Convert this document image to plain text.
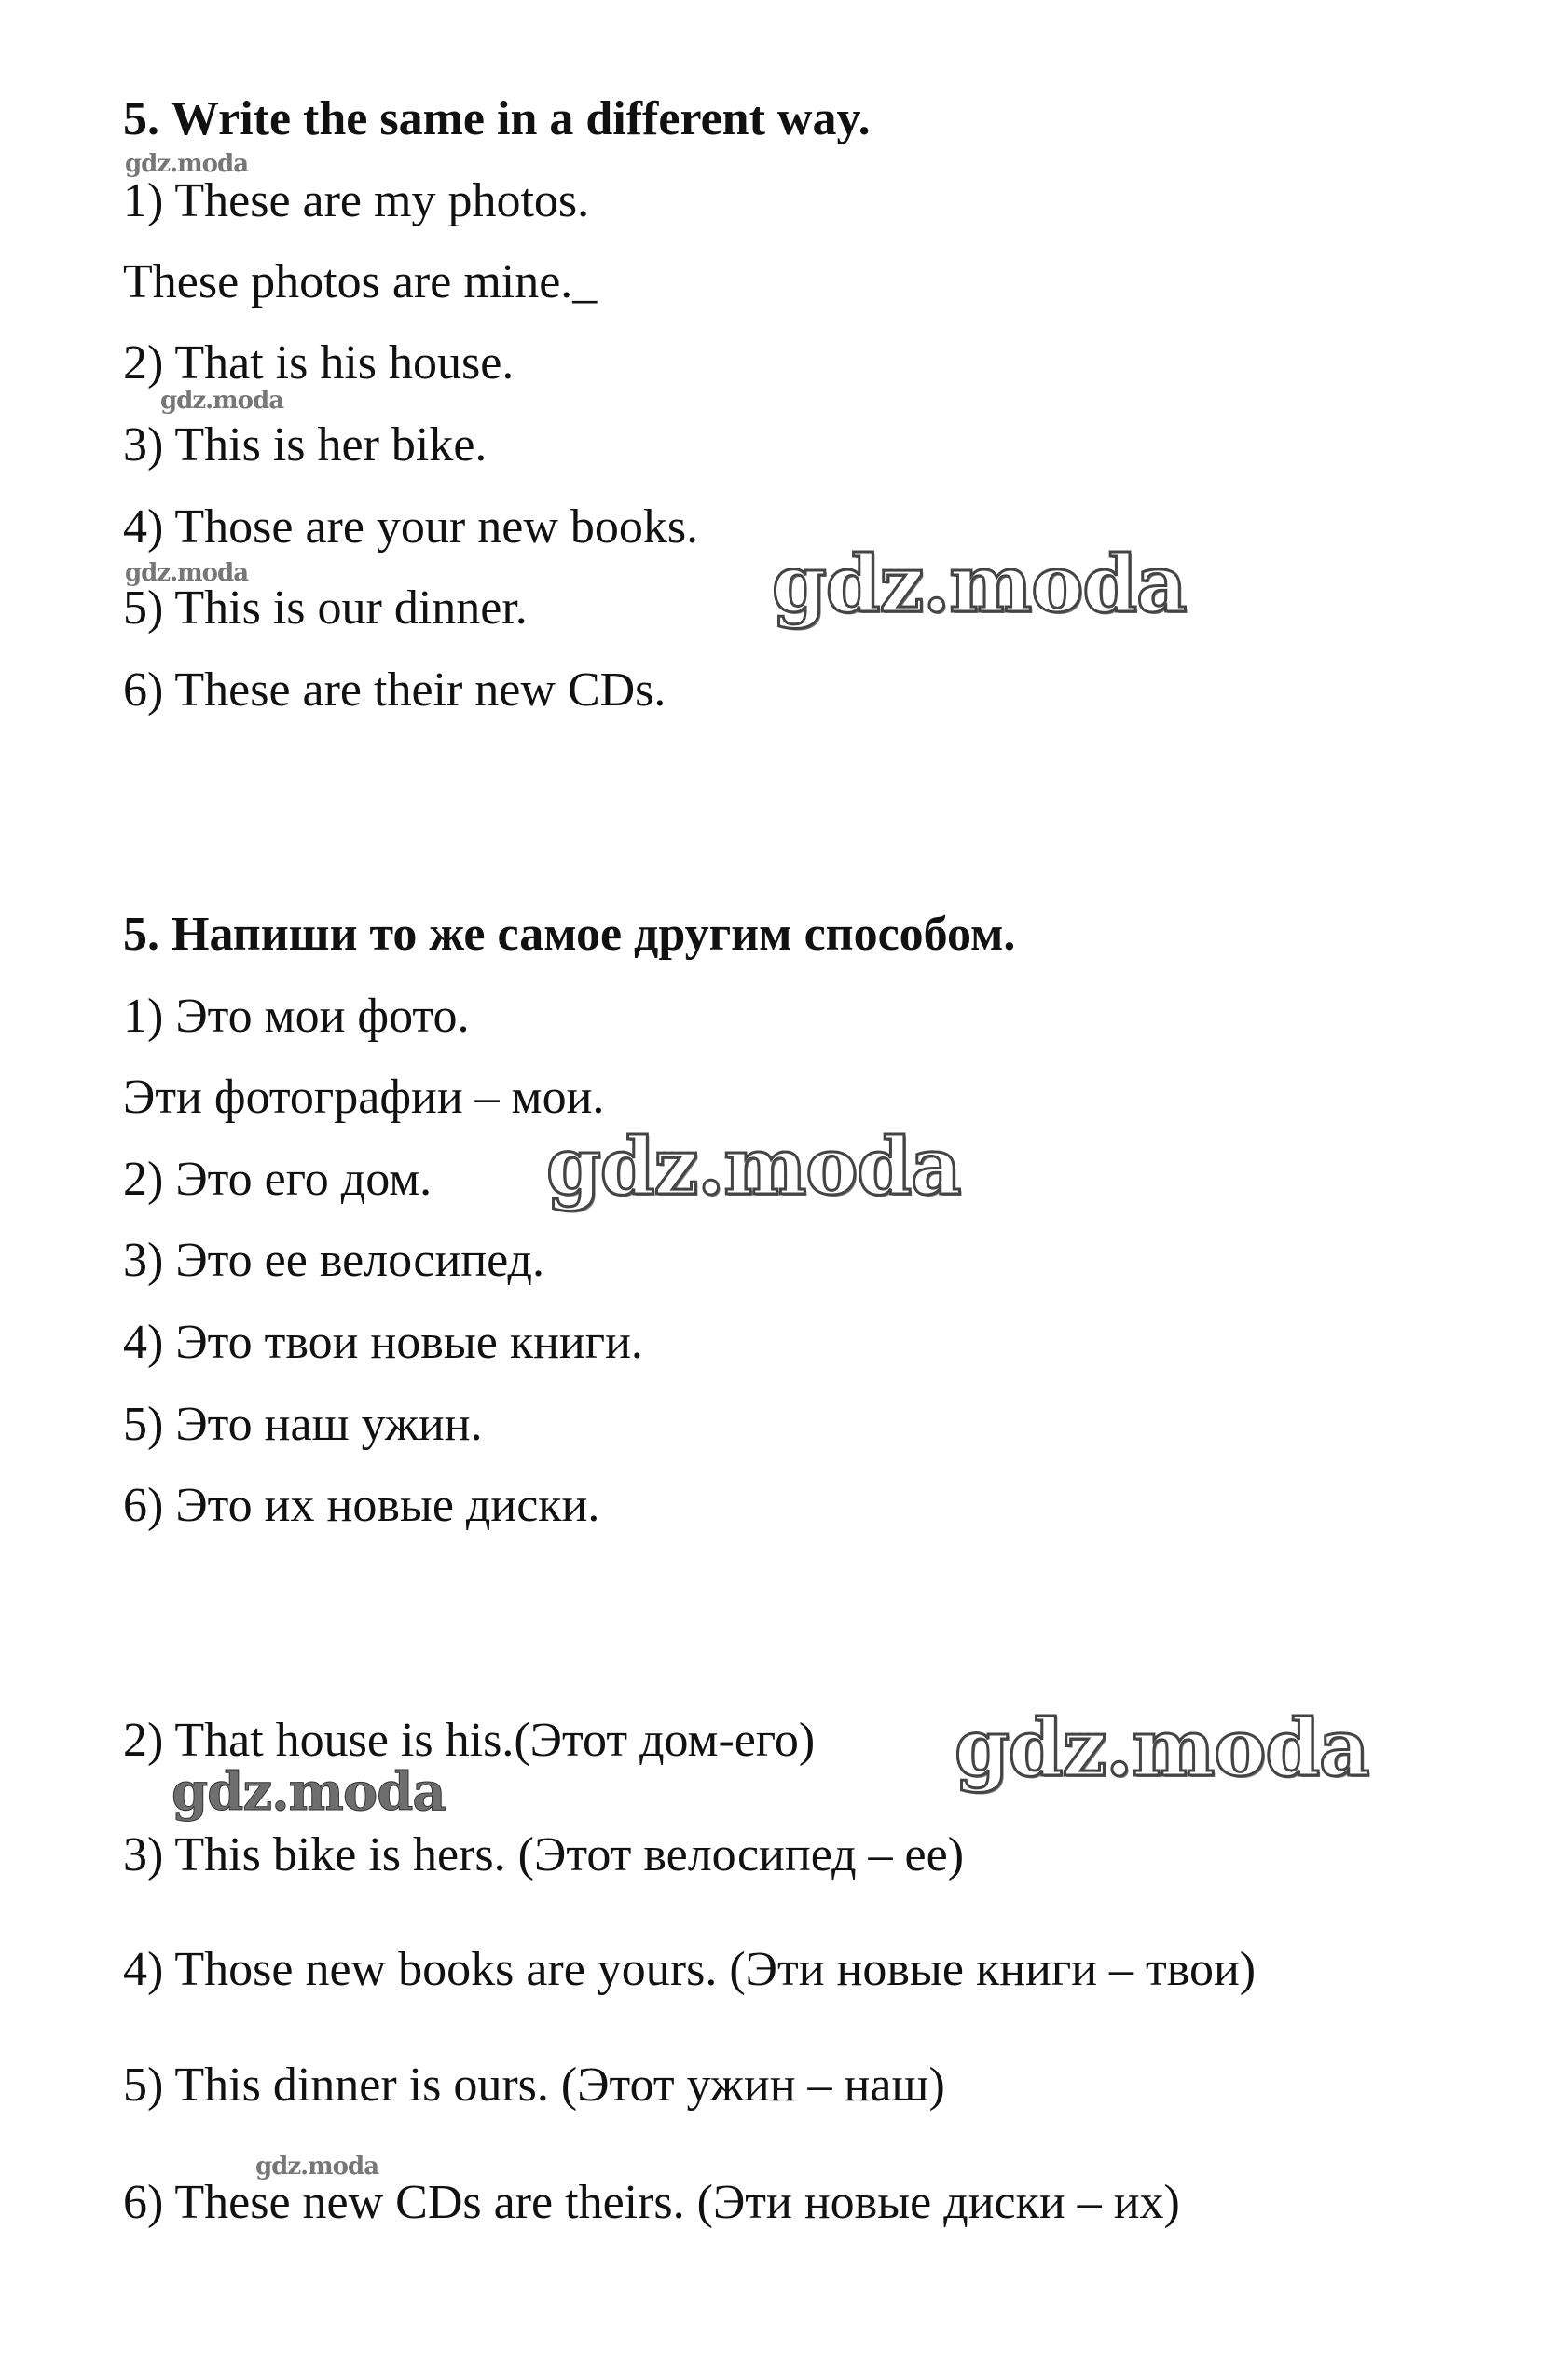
5. Write the same in a different way.
1) These are my photos.
These photos are mine._
2) That is his house.
3) This is her bike.
4) Those are your new books.
5) This is our dinner.
6) These are their new CDs.
5. Напиши то же самое другим способом.
1) Это мои фото.
Эти фотографии – мои.
2) Это его дом.
3) Это ее велосипед.
4) Это твои новые книги.
5) Это наш ужин.
6) Это их новые диски.
2) That house is his.(Этот дом-его)
3) This bike is hers. (Этот велосипед – ее)
4) Those new books are yours. (Эти новые книги – твои)
5) This dinner is ours. (Этот ужин – наш)
6) These new CDs are theirs. (Эти новые диски – их)
gdz.moda
gdz.moda
gdz.moda	gdz.moda
gdz.moda
gdz.moda
gdz.moda
gdz.moda
